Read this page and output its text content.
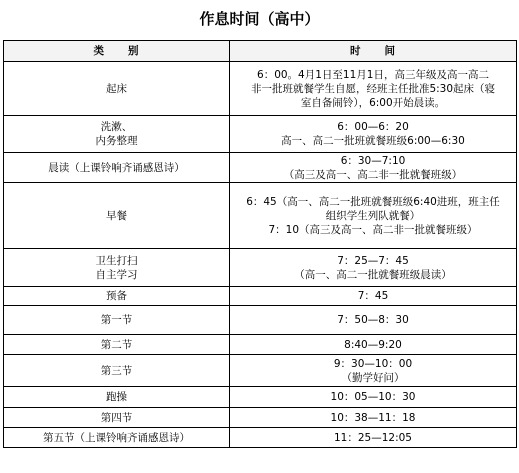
作息时间（高中）
类　　别	时　　间

起床	6：00。4月1日至11月1日，高三年级及高一高二
非一批班就餐学生自愿，经班主任批准5:30起床（寝
室自备闹铃），6:00开始晨读。

洗漱、
内务整理	6：00—6：20
高一、高二一批班就餐班级6:00—6:30

晨读（上课铃响齐诵感恩诗）	6：30—7:10
（高三及高一、高二非一批就餐班级）

早餐	6：45（高一、高二一批班就餐班级6:40进班，班主任
组织学生列队就餐）
7：10（高三及高一、高二非一批就餐班级）

卫生打扫
自主学习	7：25—7：45
（高一、高二一批就餐班级晨读）

预备	7：45

第一节	7：50—8：30

第二节	8:40—9:20

第三节	9：30—10：00
（勤学好问）

跑操	10：05—10：30

第四节	10：38—11：18

第五节（上课铃响齐诵感恩诗）	11：25—12:05
